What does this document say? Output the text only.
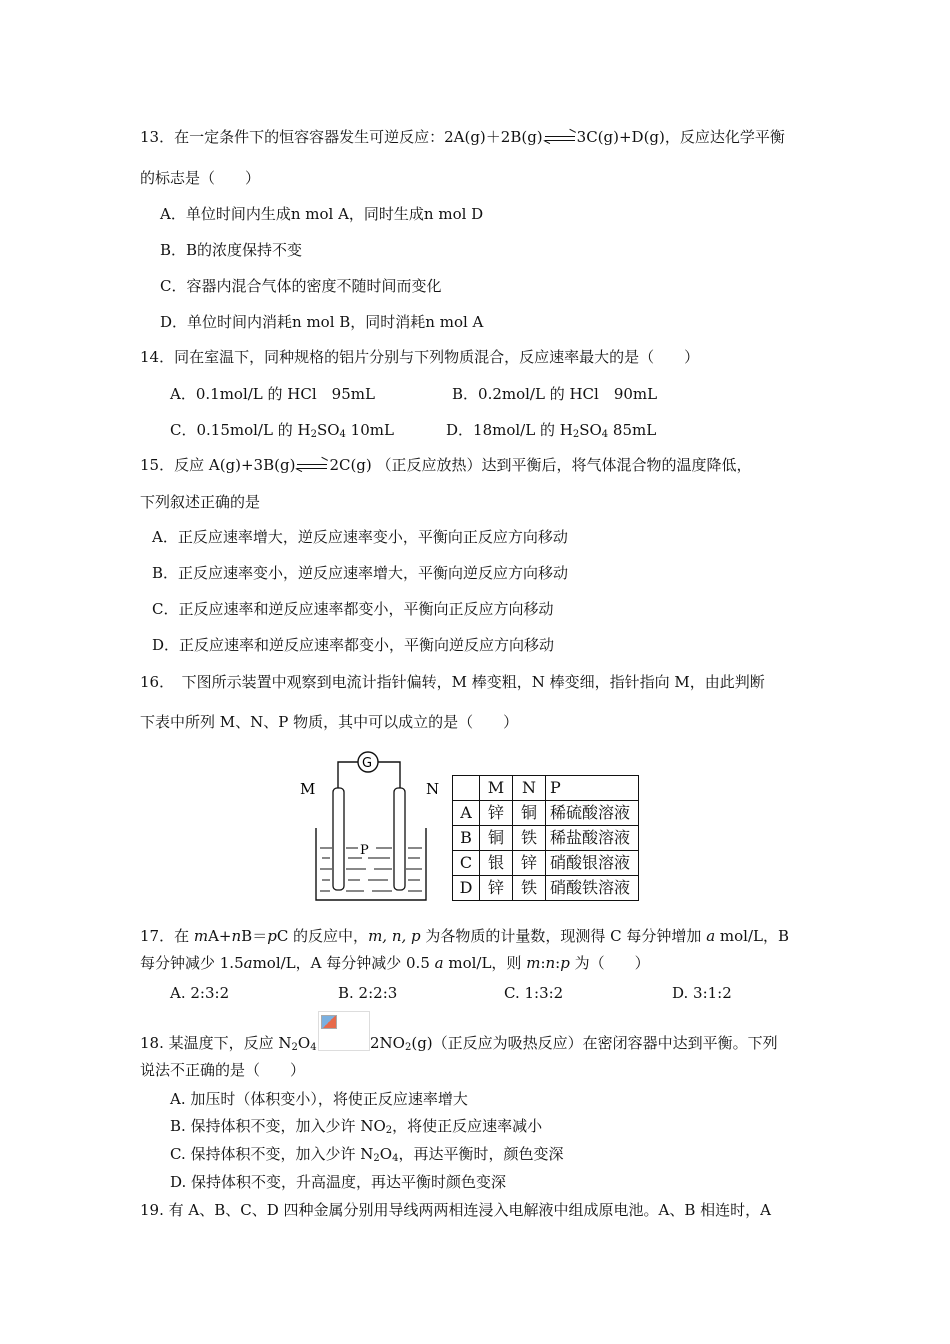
13．在一定条件下的恒容容器发生可逆反应：2A(g)＋2B(g) 3C(g)+D(g)，反应达化学平衡
的标志是（　　）
A．单位时间内生成n mol A，同时生成n mol D
B．B的浓度保持不变
C．容器内混合气体的密度不随时间而变化
D．单位时间内消耗n mol B，同时消耗n mol A
14．同在室温下，同种规格的铝片分别与下列物质混合，反应速率最大的是（　　）
A．0.1mol/L 的 HCl　95mL	B．0.2mol/L 的 HCl　90mL
C．0.15mol/L 的 $H_2SO_4$ 10mL	D．18mol/L 的 $H_2SO_4$ 85mL
15．反应 A(g)+3B(g) 2C(g) （正反应放热）达到平衡后，将气体混合物的温度降低，
下列叙述正确的是
A．正反应速率增大，逆反应速率变小，平衡向正反应方向移动
B．正反应速率变小，逆反应速率增大，平衡向逆反应方向移动
C．正反应速率和逆反应速率都变小，平衡向正反应方向移动
D．正反应速率和逆反应速率都变小，平衡向逆反应方向移动
16．　下图所示装置中观察到电流计指针偏转，M 棒变粗，N 棒变细，指针指向 M，由此判断
下表中所列 M、N、P 物质，其中可以成立的是（　　）
M	N
G
P
	M	N	P
A	锌	铜	稀硫酸溶液
B	铜	铁	稀盐酸溶液
C	银	锌	硝酸银溶液
D	锌	铁	硝酸铁溶液
17．在 mA+nB＝pC 的反应中，m, n, p 为各物质的计量数，现测得 C 每分钟增加 a mol/L，B
每分钟减少 1.5amol/L，A 每分钟减少 0.5 a mol/L，则 m:n:p 为（　　）
A. 2:3:2	B. 2:2:3	C. 1:3:2	D. 3:1:2
18. 某温度下，反应 $N_2O_4$	$2NO_2(g)$（正反应为吸热反应）在密闭容器中达到平衡。下列
说法不正确的是（　　）
A. 加压时（体积变小），将使正反应速率增大
B. 保持体积不变，加入少许 $NO_2$，将使正反应速率减小
C. 保持体积不变，加入少许 $N_2O_4$，再达平衡时，颜色变深
D. 保持体积不变，升高温度，再达平衡时颜色变深
19. 有 A、B、C、D 四种金属分别用导线两两相连浸入电解液中组成原电池。A、B 相连时，A
